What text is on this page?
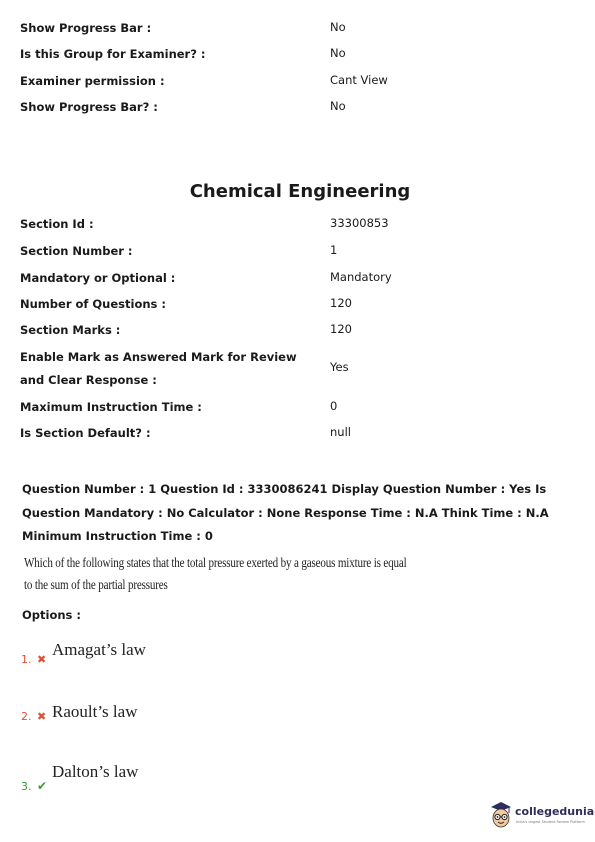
Show Progress Bar :	No
Is this Group for Examiner? :	No
Examiner permission :	Cant View
Show Progress Bar? :	No
Chemical Engineering
Section Id :	33300853
Section Number :	1
Mandatory or Optional :	Mandatory
Number of Questions :	120
Section Marks :	120
Enable Mark as Answered Mark for Review and Clear Response :
Yes
Maximum Instruction Time :	0
Is Section Default? :	null
Question Number : 1 Question Id : 3330086241 Display Question Number : Yes Is Question Mandatory : No Calculator : None Response Time : N.A Think Time : N.A Minimum Instruction Time : 0
Which of the following states that the total pressure exerted by a gaseous mixture is equal to the sum of the partial pressures
Options :
1. ✖
Amagat’s law
2. ✖ Raoult’s law
3. ✔
Dalton’s law
collegedunia
India's largest Student Review Platform
